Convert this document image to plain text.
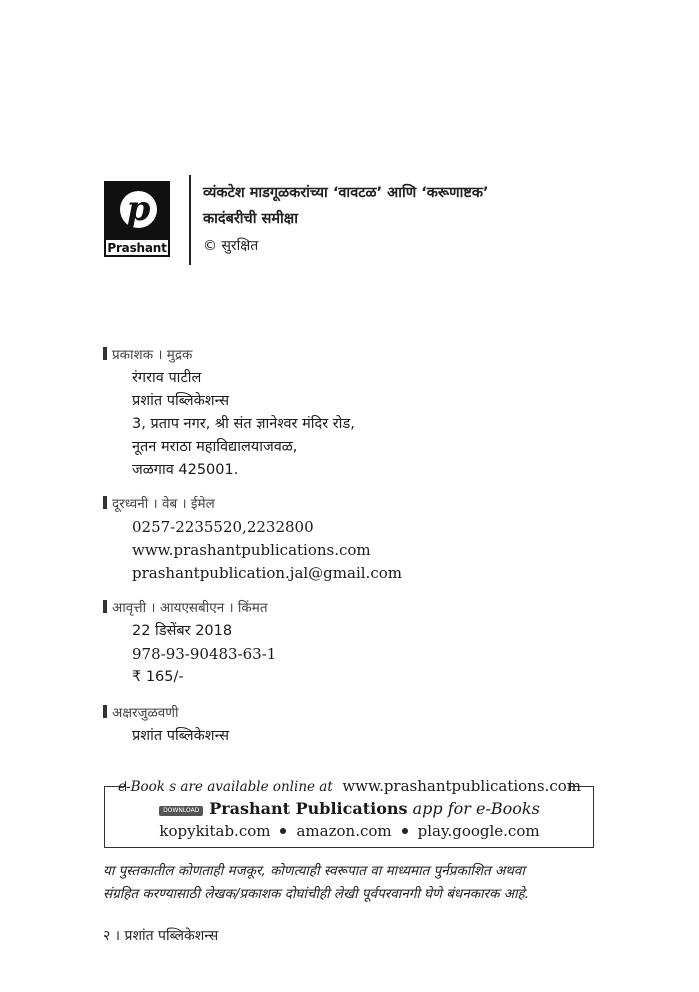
p
Prashant
व्यंकटेश माडगूळकरांच्या ‘वावटळ’ आणि ‘करूणाष्टक’
कादंबरीची समीक्षा
© सुरक्षित
प्रकाशक । मुद्रक
रंगराव पाटील
प्रशांत पब्लिकेशन्स
3, प्रताप नगर, श्री संत ज्ञानेश्वर मंदिर रोड,
नूतन मराठा महाविद्यालयाजवळ,
जळगाव 425001.
दूरध्वनी । वेब । ईमेल
0257-2235520,2232800
www.prashantpublications.com
prashantpublication.jal@gmail.com
आवृत्ती । आयएसबीएन । किंमत
22 डिसेंबर 2018
978-93-90483-63-1
₹ 165/-
अक्षरजुळवणी
प्रशांत पब्लिकेशन्स
e-Book s are available online at www.prashantpublications.com
DOWNLOAD Prashant Publications app for e-Books
kopykitab.com amazon.com play.google.com
या पुस्तकातील कोणताही मजकूर, कोणत्याही स्वरूपात वा माध्यमात पुर्नप्रकाशित अथवा
संग्रहित करण्यासाठी लेखक/प्रकाशक दोघांचीही लेखी पूर्वपरवानगी घेणे बंधनकारक आहे.
२ । प्रशांत पब्लिकेशन्स
